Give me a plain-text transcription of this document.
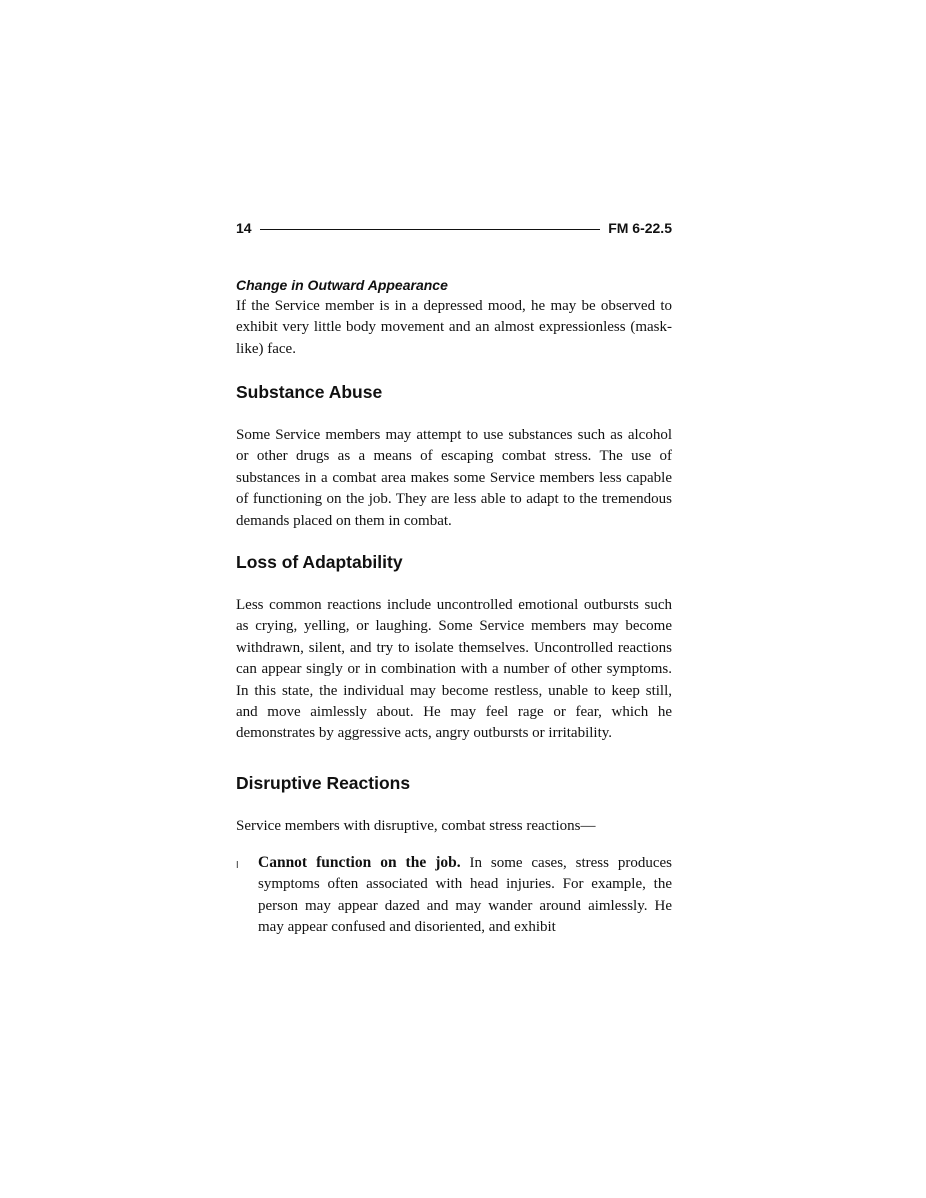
14	FM 6-22.5
Change in Outward Appearance

If the Service member is in a depressed mood, he may be observed to exhibit very little body movement and an almost expressionless (mask-like) face.

Substance Abuse

Some Service members may attempt to use substances such as alcohol or other drugs as a means of escaping combat stress. The use of substances in a combat area makes some Service members less capable of functioning on the job. They are less able to adapt to the tremendous demands placed on them in combat.

Loss of Adaptability

Less common reactions include uncontrolled emotional outbursts such as crying, yelling, or laughing. Some Service members may become withdrawn, silent, and try to isolate themselves. Uncontrolled reactions can appear singly or in combination with a number of other symptoms. In this state, the individual may become restless, unable to keep still, and move aimlessly about. He may feel rage or fear, which he demonstrates by aggressive acts, angry outbursts or irritability.

Disruptive Reactions

Service members with disruptive, combat stress reactions—

l Cannot function on the job. In some cases, stress produces symptoms often associated with head injuries. For example, the person may appear dazed and may wander around aimlessly. He may appear confused and disoriented, and exhibit
